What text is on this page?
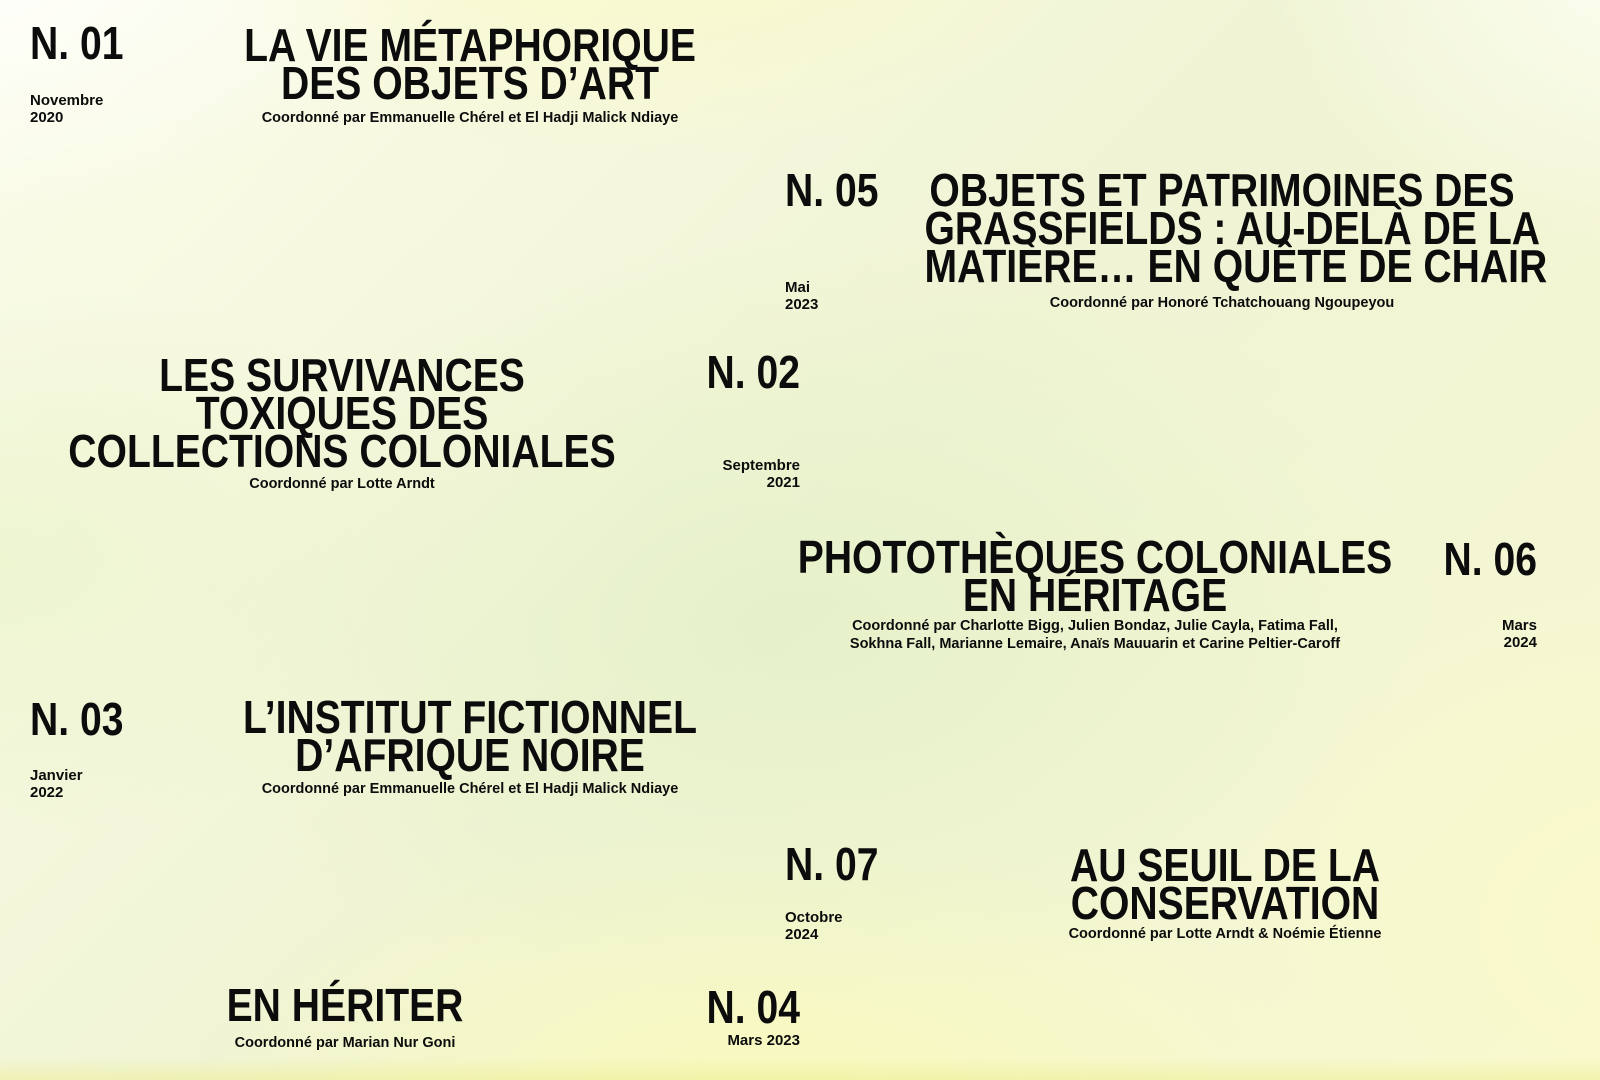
N. 01	LA VIE MÉTAPHORIQUE
DES OBJETS D’ART
Novembre
2020	Coordonné par Emmanuelle Chérel et El Hadji Malick Ndiaye
N. 05 OBJETS ET PATRIMOINES DES
GRASSFIELDS : AU-DELÀ DE LA
MATIÈRE… EN QUÊTE DE CHAIR
Mai
2023	Coordonné par Honoré Tchatchouang Ngoupeyou
LES SURVIVANCES
TOXIQUES DES
COLLECTIONS COLONIALES
N. 02
Septembre
2021
Coordonné par Lotte Arndt
PHOTOTHÈQUES COLONIALES
EN HÉRITAGE
N. 06
Mars
2024
Coordonné par Charlotte Bigg, Julien Bondaz, Julie Cayla, Fatima Fall,
Sokhna Fall, Marianne Lemaire, Anaïs Mauuarin et Carine Peltier-Caroff
N. 03	L’INSTITUT FICTIONNEL
D’AFRIQUE NOIRE
Janvier
2022	Coordonné par Emmanuelle Chérel et El Hadji Malick Ndiaye
N. 07	AU SEUIL DE LA
CONSERVATION
Octobre
2024	Coordonné par Lotte Arndt & Noémie Étienne
EN HÉRITER	N. 04
Mars 2023
Coordonné par Marian Nur Goni
